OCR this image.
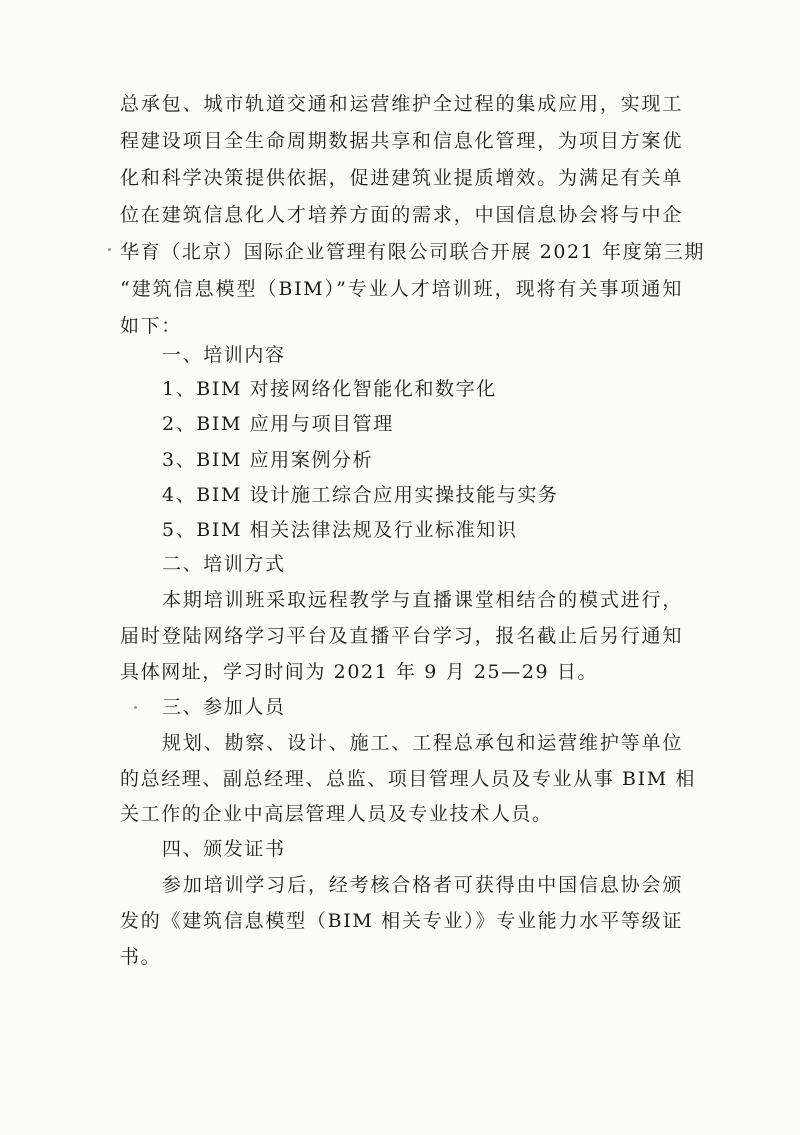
总承包、城市轨道交通和运营维护全过程的集成应用，实现工
程建设项目全生命周期数据共享和信息化管理，为项目方案优
化和科学决策提供依据，促进建筑业提质增效。为满足有关单
位在建筑信息化人才培养方面的需求，中国信息协会将与中企
华育（北京）国际企业管理有限公司联合开展 2021 年度第三期
“建筑信息模型（BIM）”专业人才培训班，现将有关事项通知
如下：
一、培训内容
1、BIM 对接网络化智能化和数字化
2、BIM 应用与项目管理
3、BIM 应用案例分析
4、BIM 设计施工综合应用实操技能与实务
5、BIM 相关法律法规及行业标准知识
二、培训方式
本期培训班采取远程教学与直播课堂相结合的模式进行，
届时登陆网络学习平台及直播平台学习，报名截止后另行通知
具体网址，学习时间为 2021 年 9 月 25—29 日。
三、参加人员
规划、勘察、设计、施工、工程总承包和运营维护等单位
的总经理、副总经理、总监、项目管理人员及专业从事 BIM 相
关工作的企业中高层管理人员及专业技术人员。
四、颁发证书
参加培训学习后，经考核合格者可获得由中国信息协会颁
发的《建筑信息模型（BIM 相关专业）》专业能力水平等级证
书。
